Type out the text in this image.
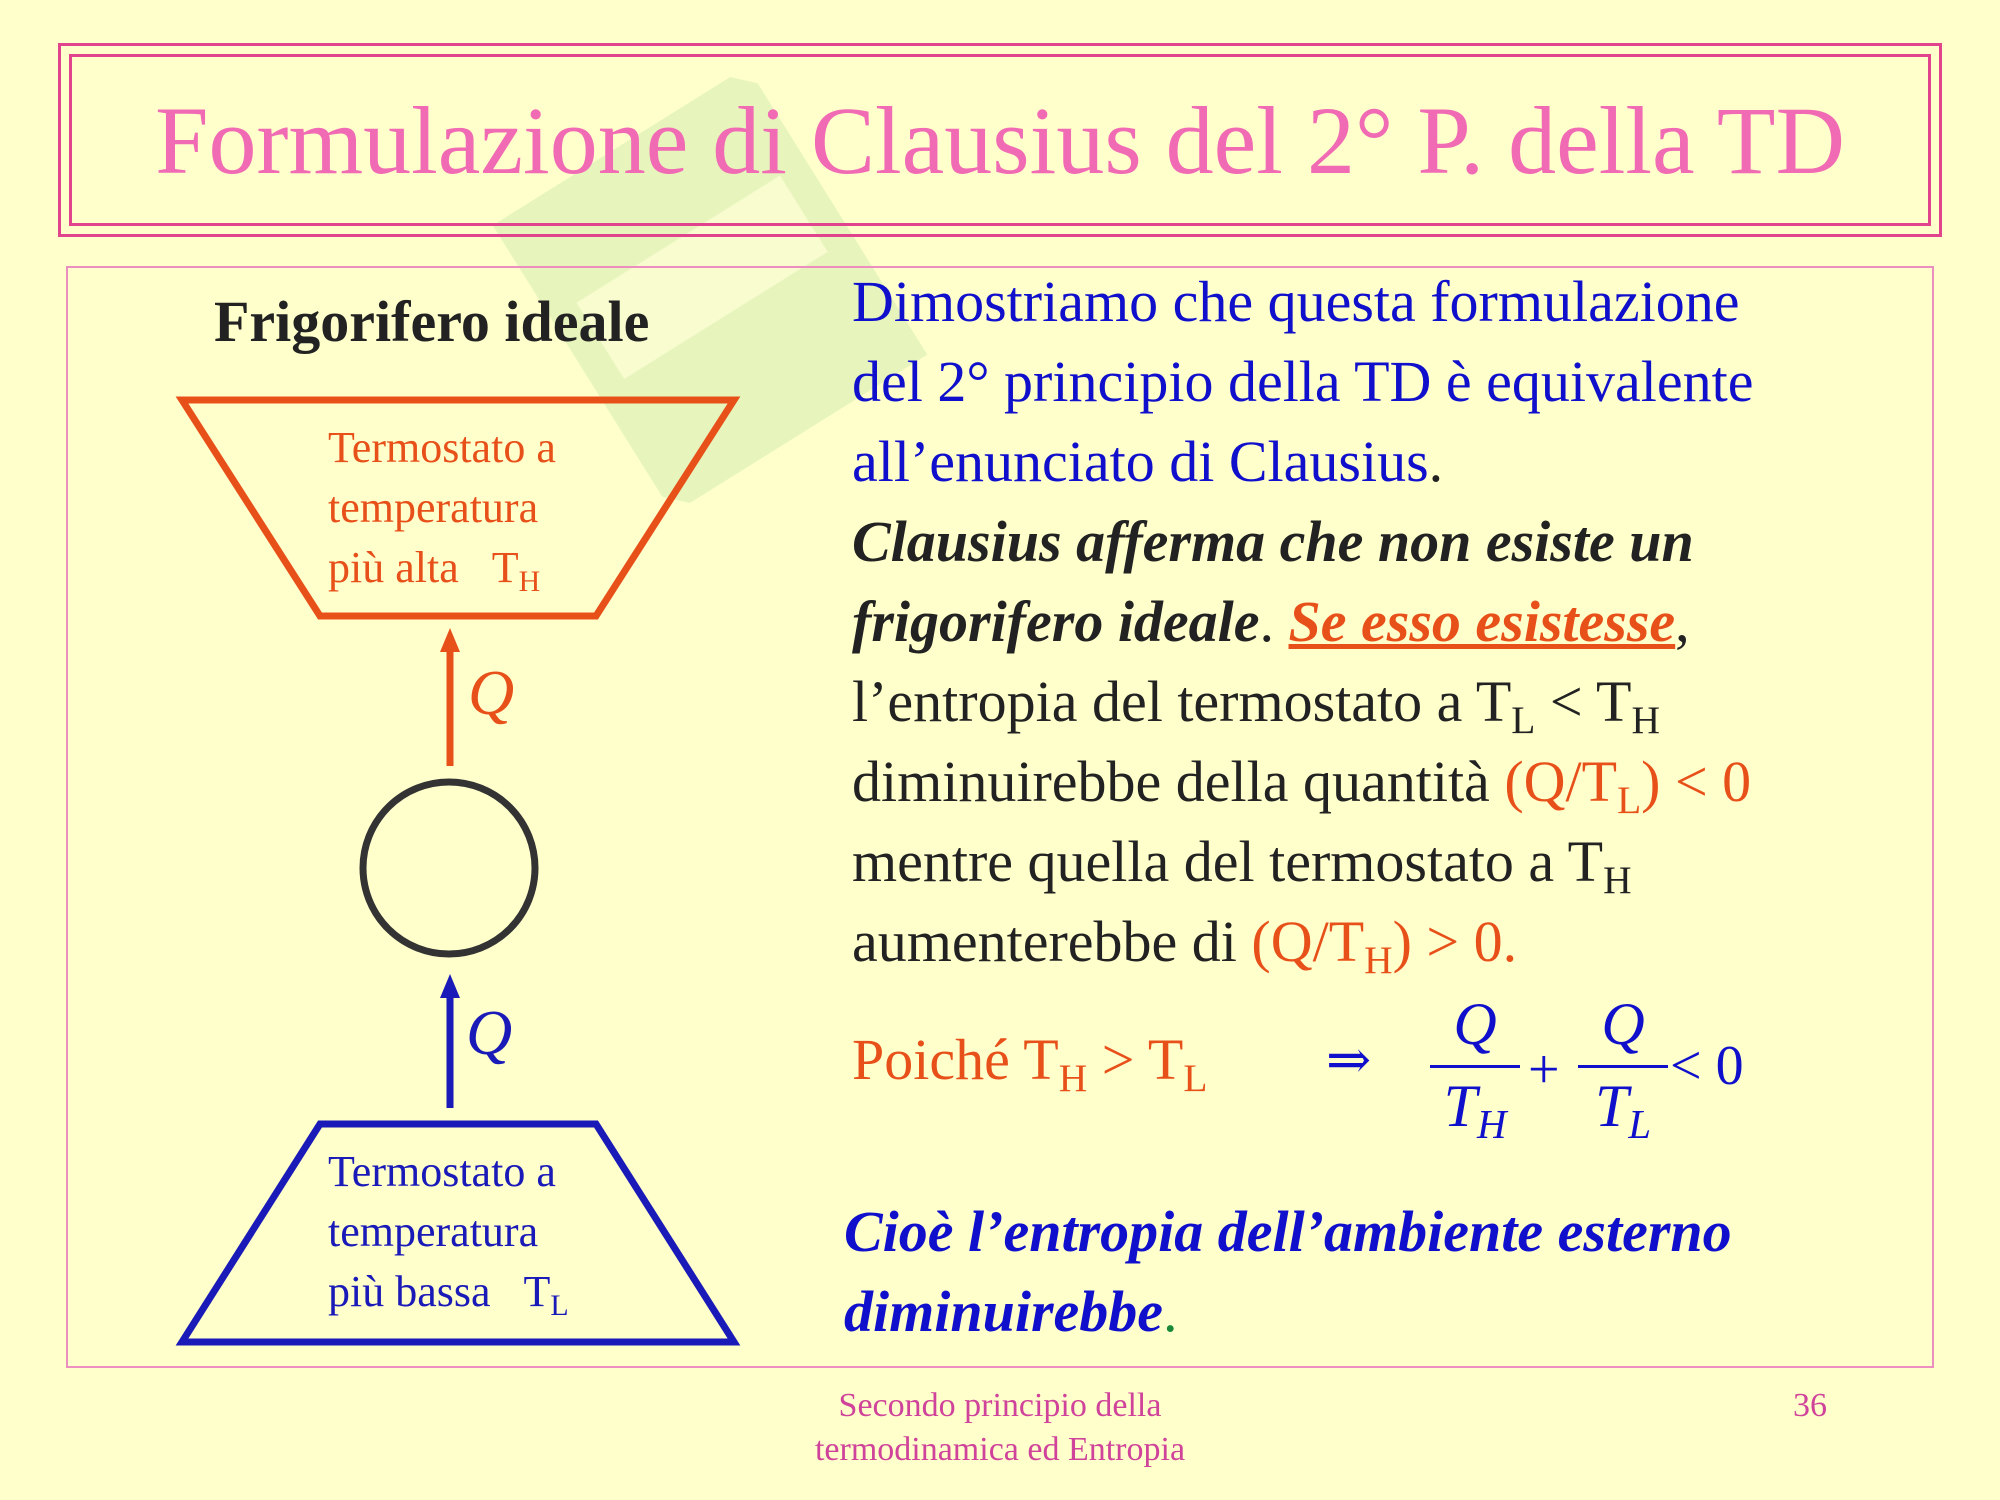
Formulazione di Clausius del 2° P. della TD
Frigorifero ideale
Termostato a
temperatura
più alta $T_H$
Termostato a
temperatura
più bassa $T_L$
Q
Q
Dimostriamo che questa formulazione
del 2° principio della TD è equivalente
all’enunciato di Clausius.
Clausius afferma che non esiste un
frigorifero ideale. Se esso esistesse,
l’entropia del termostato a $T_L < T_H$
diminuirebbe della quantità $(Q/T_L) < 0$
mentre quella del termostato a $T_H$
aumenterebbe di $(Q/T_H) > 0$.
Poiché $T_H > T_L$ ⇒
Q
$T_H$
+
Q
$T_L$
< 0
Cioè l’entropia dell’ambiente esterno
diminuirebbe.
Secondo principio della
termodinamica ed Entropia
36
